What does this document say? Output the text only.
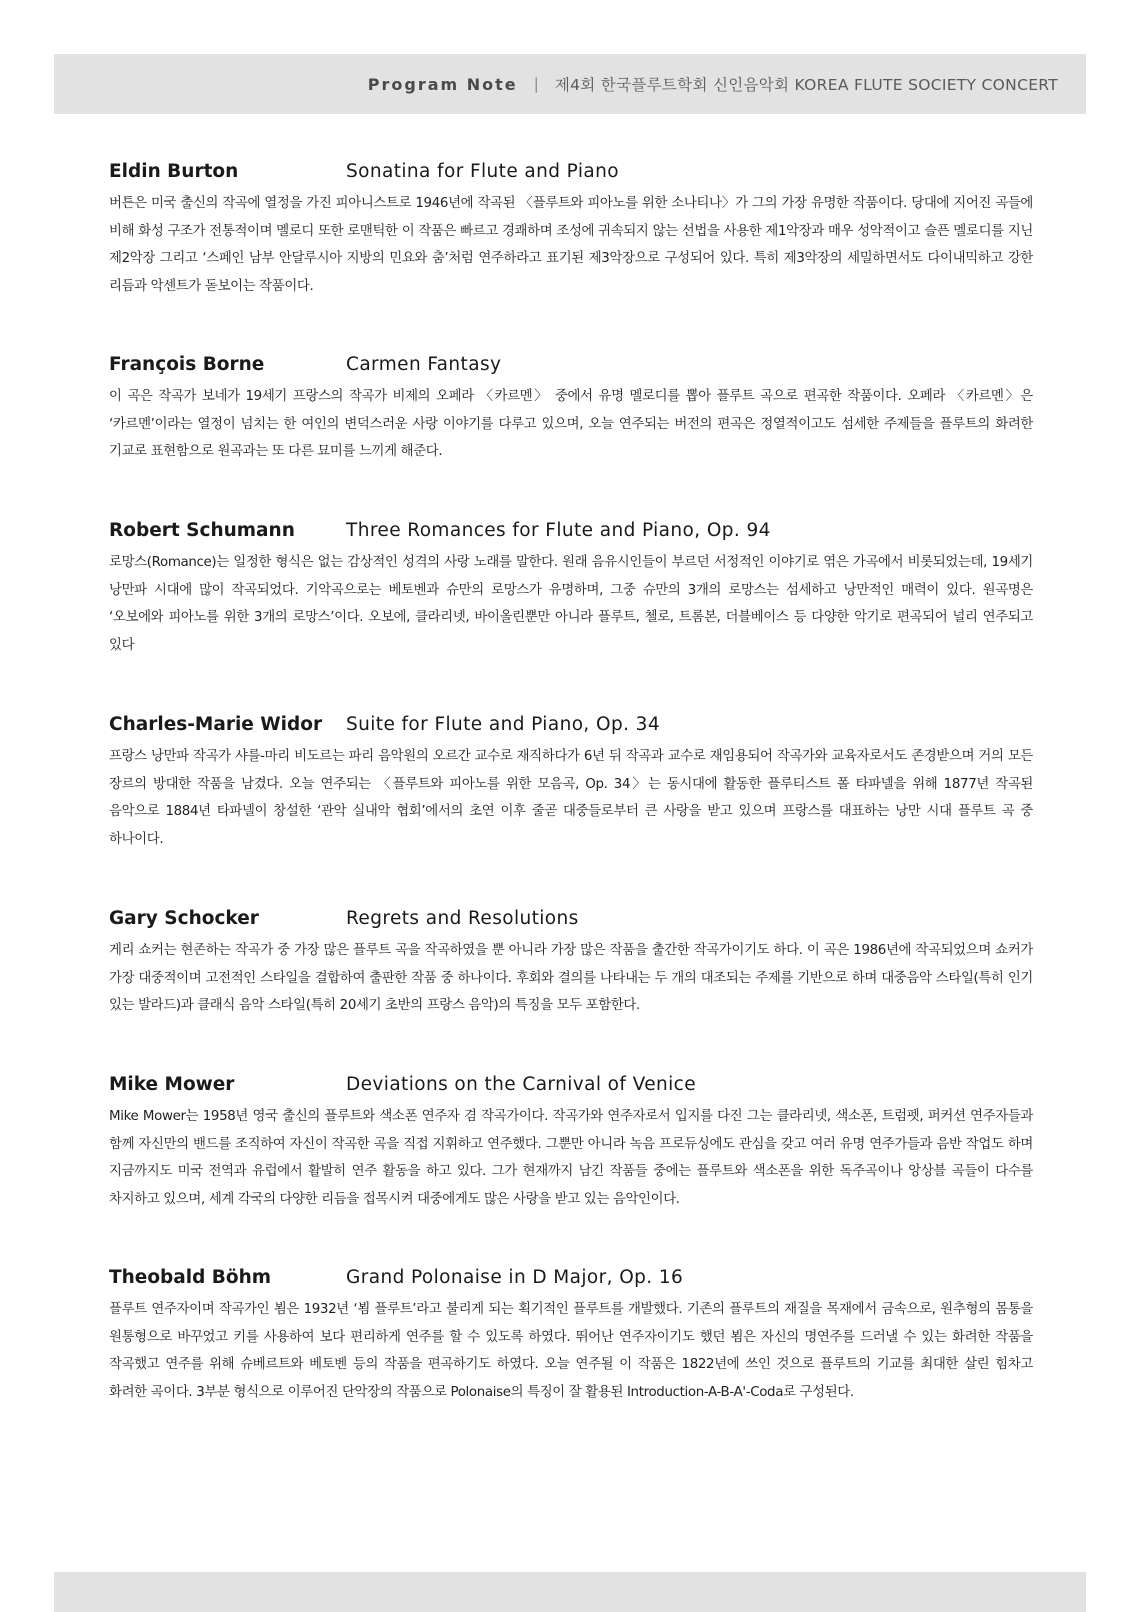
Program Note | 제4회 한국플루트학회 신인음악회 KOREA FLUTE SOCIETY CONCERT
Eldin Burton	Sonatina for Flute and Piano

버튼은 미국 출신의 작곡에 열정을 가진 피아니스트로 1946년에 작곡된 〈플루트와 피아노를 위한 소나티나〉가 그의 가장 유명한 작품이다. 당대에 지어진 곡들에 비해 화성 구조가 전통적이며 멜로디 또한 로맨틱한 이 작품은 빠르고 경쾌하며 조성에 귀속되지 않는 선법을 사용한 제1악장과 매우 성악적이고 슬픈 멜로디를 지닌 제2악장 그리고 ‘스페인 남부 안달루시아 지방의 민요와 춤’처럼 연주하라고 표기된 제3악장으로 구성되어 있다. 특히 제3악장의 세밀하면서도 다이내믹하고 강한 리듬과 악센트가 돋보이는 작품이다.

François Borne	Carmen Fantasy

이 곡은 작곡가 보네가 19세기 프랑스의 작곡가 비제의 오페라 〈카르멘〉 중에서 유명 멜로디를 뽑아 플루트 곡으로 편곡한 작품이다. 오페라 〈카르멘〉은 ‘카르멘’이라는 열정이 넘치는 한 여인의 변덕스러운 사랑 이야기를 다루고 있으며, 오늘 연주되는 버전의 편곡은 정열적이고도 섬세한 주제들을 플루트의 화려한 기교로 표현함으로 원곡과는 또 다른 묘미를 느끼게 해준다.

Robert Schumann	Three Romances for Flute and Piano, Op. 94

로망스(Romance)는 일정한 형식은 없는 감상적인 성격의 사랑 노래를 말한다. 원래 음유시인들이 부르던 서정적인 이야기로 엮은 가곡에서 비롯되었는데, 19세기 낭만파 시대에 많이 작곡되었다. 기악곡으로는 베토벤과 슈만의 로망스가 유명하며, 그중 슈만의 3개의 로망스는 섬세하고 낭만적인 매력이 있다. 원곡명은 ‘오보에와 피아노를 위한 3개의 로망스’이다. 오보에, 클라리넷, 바이올린뿐만 아니라 플루트, 첼로, 트롬본, 더블베이스 등 다양한 악기로 편곡되어 널리 연주되고 있다

Charles-Marie Widor Suite for Flute and Piano, Op. 34

프랑스 낭만파 작곡가 샤를-마리 비도르는 파리 음악원의 오르간 교수로 재직하다가 6년 뒤 작곡과 교수로 재임용되어 작곡가와 교육자로서도 존경받으며 거의 모든 장르의 방대한 작품을 남겼다. 오늘 연주되는 〈플루트와 피아노를 위한 모음곡, Op. 34〉는 동시대에 활동한 플루티스트 폴 타파넬을 위해 1877년 작곡된 음악으로 1884년 타파넬이 창설한 ‘관악 실내악 협회’에서의 초연 이후 줄곧 대중들로부터 큰 사랑을 받고 있으며 프랑스를 대표하는 낭만 시대 플루트 곡 중 하나이다.

Gary Schocker	Regrets and Resolutions

게리 쇼커는 현존하는 작곡가 중 가장 많은 플루트 곡을 작곡하였을 뿐 아니라 가장 많은 작품을 출간한 작곡가이기도 하다. 이 곡은 1986년에 작곡되었으며 쇼커가 가장 대중적이며 고전적인 스타일을 결합하여 출판한 작품 중 하나이다. 후회와 결의를 나타내는 두 개의 대조되는 주제를 기반으로 하며 대중음악 스타일(특히 인기 있는 발라드)과 클래식 음악 스타일(특히 20세기 초반의 프랑스 음악)의 특징을 모두 포함한다.

Mike Mower	Deviations on the Carnival of Venice

Mike Mower는 1958년 영국 출신의 플루트와 색소폰 연주자 겸 작곡가이다. 작곡가와 연주자로서 입지를 다진 그는 클라리넷, 색소폰, 트럼펫, 퍼커션 연주자들과 함께 자신만의 밴드를 조직하여 자신이 작곡한 곡을 직접 지휘하고 연주했다. 그뿐만 아니라 녹음 프로듀싱에도 관심을 갖고 여러 유명 연주가들과 음반 작업도 하며 지금까지도 미국 전역과 유럽에서 활발히 연주 활동을 하고 있다. 그가 현재까지 남긴 작품들 중에는 플루트와 색소폰을 위한 독주곡이나 앙상블 곡들이 다수를 차지하고 있으며, 세계 각국의 다양한 리듬을 접목시켜 대중에게도 많은 사랑을 받고 있는 음악인이다.

Theobald Böhm	Grand Polonaise in D Major, Op. 16

플루트 연주자이며 작곡가인 뵘은 1932년 ‘뵘 플루트’라고 불리게 되는 획기적인 플루트를 개발했다. 기존의 플루트의 재질을 목재에서 금속으로, 원추형의 몸통을 원통형으로 바꾸었고 키를 사용하여 보다 편리하게 연주를 할 수 있도록 하였다. 뛰어난 연주자이기도 했던 뵘은 자신의 명연주를 드러낼 수 있는 화려한 작품을 작곡했고 연주를 위해 슈베르트와 베토벤 등의 작품을 편곡하기도 하였다. 오늘 연주될 이 작품은 1822년에 쓰인 것으로 플루트의 기교를 최대한 살린 힘차고 화려한 곡이다. 3부분 형식으로 이루어진 단악장의 작품으로 Polonaise의 특징이 잘 활용된 Introduction-A-B-A'-Coda로 구성된다.
